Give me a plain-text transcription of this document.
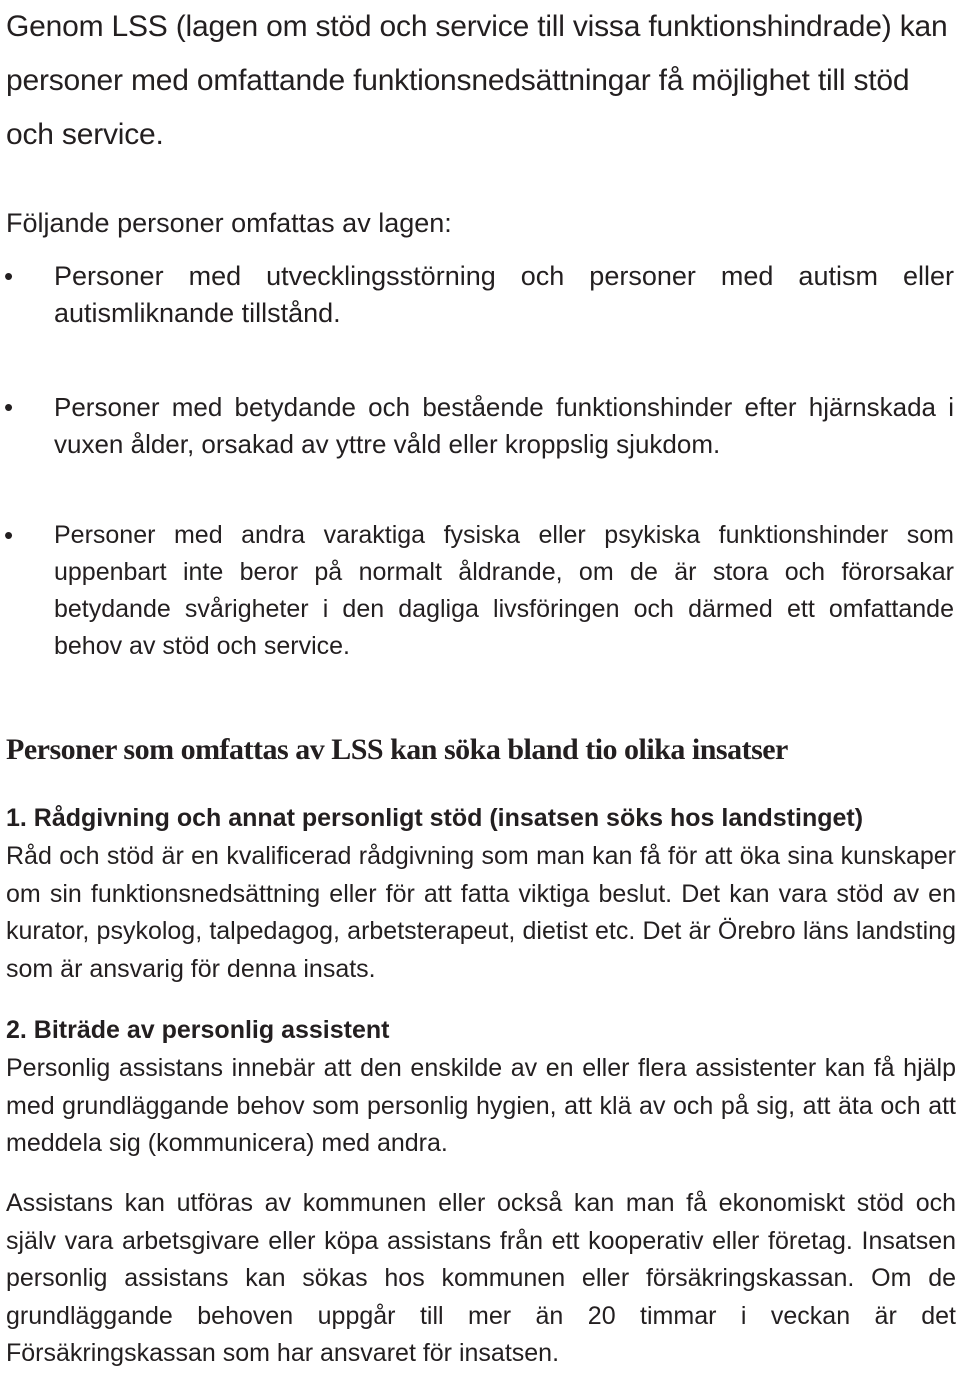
Genom LSS (lagen om stöd och service till vissa funktionshindrade) kan personer med omfattande funktionsnedsättningar få möjlighet till stöd och service.

Följande personer omfattas av lagen:

• Personer med utvecklingsstörning och personer med autism eller autismliknande tillstånd.
• Personer med betydande och bestående funktionshinder efter hjärnskada i vuxen ålder, orsakad av yttre våld eller kroppslig sjukdom.
• Personer med andra varaktiga fysiska eller psykiska funktionshinder som uppenbart inte beror på normalt åldrande, om de är stora och förorsakar betydande svårigheter i den dagliga livsföringen och därmed ett omfattande behov av stöd och service.
Personer som omfattas av LSS kan söka bland tio olika insatser
1. Rådgivning och annat personligt stöd (insatsen söks hos landstinget)

Råd och stöd är en kvalificerad rådgivning som man kan få för att öka sina kunskaper om sin funktionsnedsättning eller för att fatta viktiga beslut. Det kan vara stöd av en kurator, psykolog, talpedagog, arbetsterapeut, dietist etc. Det är Örebro läns landsting som är ansvarig för denna insats.

2. Biträde av personlig assistent

Personlig assistans innebär att den enskilde av en eller flera assistenter kan få hjälp med grundläggande behov som personlig hygien, att klä av och på sig, att äta och att meddela sig (kommunicera) med andra.

Assistans kan utföras av kommunen eller också kan man få ekonomiskt stöd och själv vara arbetsgivare eller köpa assistans från ett kooperativ eller företag. Insatsen personlig assistans kan sökas hos kommunen eller försäkringskassan. Om de grundläggande behoven uppgår till mer än 20 timmar i veckan är det Försäkringskassan som har ansvaret för insatsen.
